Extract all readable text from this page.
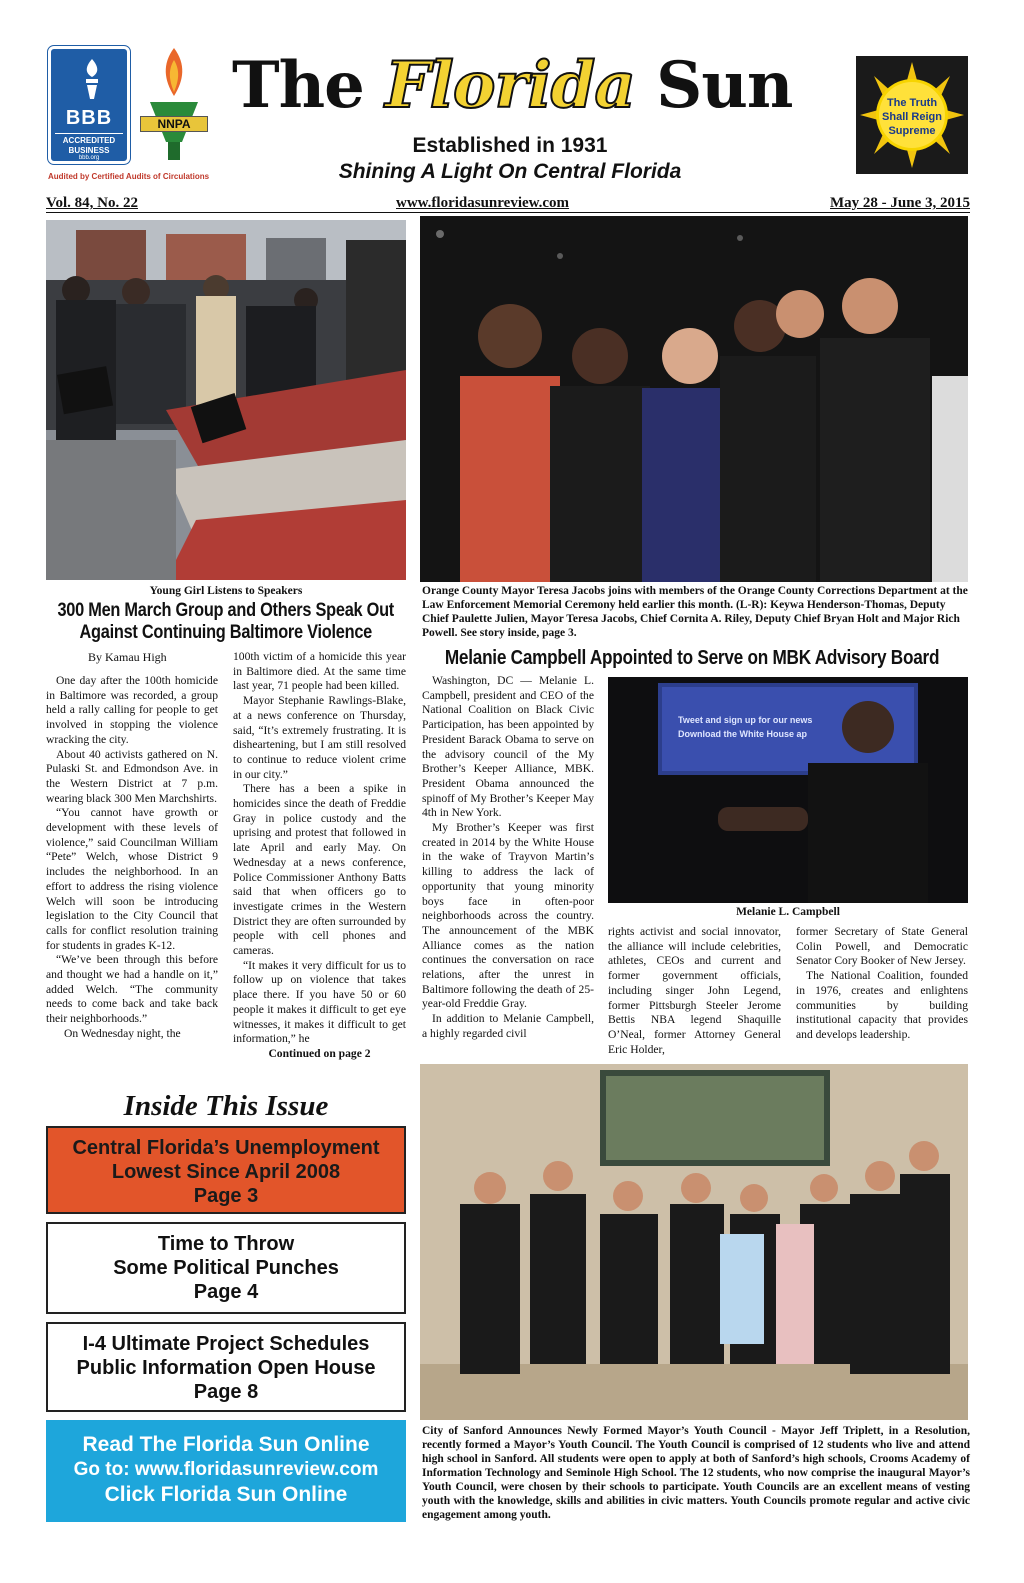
BBB
ACCREDITED BUSINESS
bbb.org
NNPA
Audited by Certified Audits of Circulations
The Florida Sun
Established in 1931
Shining A Light On Central Florida
The Truth Shall Reign Supreme
Vol. 84, No. 22	www.floridasunreview.com	May 28 - June 3, 2015
Young Girl Listens to Speakers
300 Men March Group and Others Speak Out Against Continuing Baltimore Violence
By Kamau High

One day after the 100th homicide in Baltimore was recorded, a group held a rally calling for people to get involved in stopping the violence wracking the city.

About 40 activists gathered on N. Pulaski St. and Edmondson Ave. in the Western District at 7 p.m. wearing black 300 Men Marchshirts.

“You cannot have growth or development with these levels of violence,” said Councilman William “Pete” Welch, whose District 9 includes the neighborhood. In an effort to address the rising violence Welch will soon be introducing legislation to the City Council that calls for conflict resolution training for students in grades K-12.

“We’ve been through this before and thought we had a handle on it,” added Welch. “The community needs to come back and take back their neighborhoods.”

On Wednesday night, the

100th victim of a homicide this year in Baltimore died. At the same time last year, 71 people had been killed.

Mayor Stephanie Rawlings-Blake, at a news conference on Thursday, said, “It’s extremely frustrating. It is disheartening, but I am still resolved to continue to reduce violent crime in our city.”

There has a been a spike in homicides since the death of Freddie Gray in police custody and the uprising and protest that followed in late April and early May. On Wednesday at a news conference, Police Commissioner Anthony Batts said that when officers go to investigate crimes in the Western District they are often surrounded by people with cell phones and cameras.

“It makes it very difficult for us to follow up on violence that takes place there. If you have 50 or 60 people it makes it difficult to get eye witnesses, it makes it difficult to get information,” he

Continued on page 2
Orange County Mayor Teresa Jacobs joins with members of the Orange County Corrections Department at the Law Enforcement Memorial Ceremony held earlier this month. (L-R): Keywa Henderson-Thomas, Deputy Chief Paulette Julien, Mayor Teresa Jacobs, Chief Cornita A. Riley, Deputy Chief Bryan Holt and Major Rich Powell. See story inside, page 3.
Melanie Campbell Appointed to Serve on MBK Advisory Board
Tweet and sign up for our news
Download the White House ap
Melanie L. Campbell

Washington, DC — Melanie L. Campbell, president and CEO of the National Coalition on Black Civic Participation, has been appointed by President Barack Obama to serve on the advisory council of the My Brother’s Keeper Alliance, MBK. President Obama announced the spinoff of My Brother’s Keeper May 4th in New York.

My Brother’s Keeper was first created in 2014 by the White House in the wake of Trayvon Martin’s killing to address the lack of opportunity that young minority boys face in often-poor neighborhoods across the country. The announcement of the MBK Alliance comes as the nation continues the conversation on race relations, after the unrest in Baltimore following the death of 25-year-old Freddie Gray.

In addition to Melanie Campbell, a highly regarded civil

rights activist and social innovator, the alliance will include celebrities, athletes, CEOs and current and former government officials, including singer John Legend, former Pittsburgh Steeler Jerome Bettis NBA legend Shaquille O’Neal, former Attorney General Eric Holder,

former Secretary of State General Colin Powell, and Democratic Senator Cory Booker of New Jersey.

The National Coalition, founded in 1976, creates and enlightens communities by building institutional capacity that provides and develops leadership.

Inside This Issue
Central Florida’s Unemployment
Lowest Since April 2008
Page 3
Time to Throw
Some Political Punches
Page 4
I-4 Ultimate Project Schedules
Public Information Open House
Page 8
Read The Florida Sun Online
Go to: www.floridasunreview.com
Click Florida Sun Online
City of Sanford Announces Newly Formed Mayor’s Youth Council - Mayor Jeff Triplett, in a Resolution, recently formed a Mayor’s Youth Council. The Youth Council is comprised of 12 students who live and attend high school in Sanford. All students were open to apply at both of Sanford’s high schools, Crooms Academy of Information Technology and Seminole High School. The 12 students, who now comprise the inaugural Mayor’s Youth Council, were chosen by their schools to participate. Youth Councils are an excellent means of vesting youth with the knowledge, skills and abilities in civic matters. Youth Councils promote regular and active civic engagement among youth.
